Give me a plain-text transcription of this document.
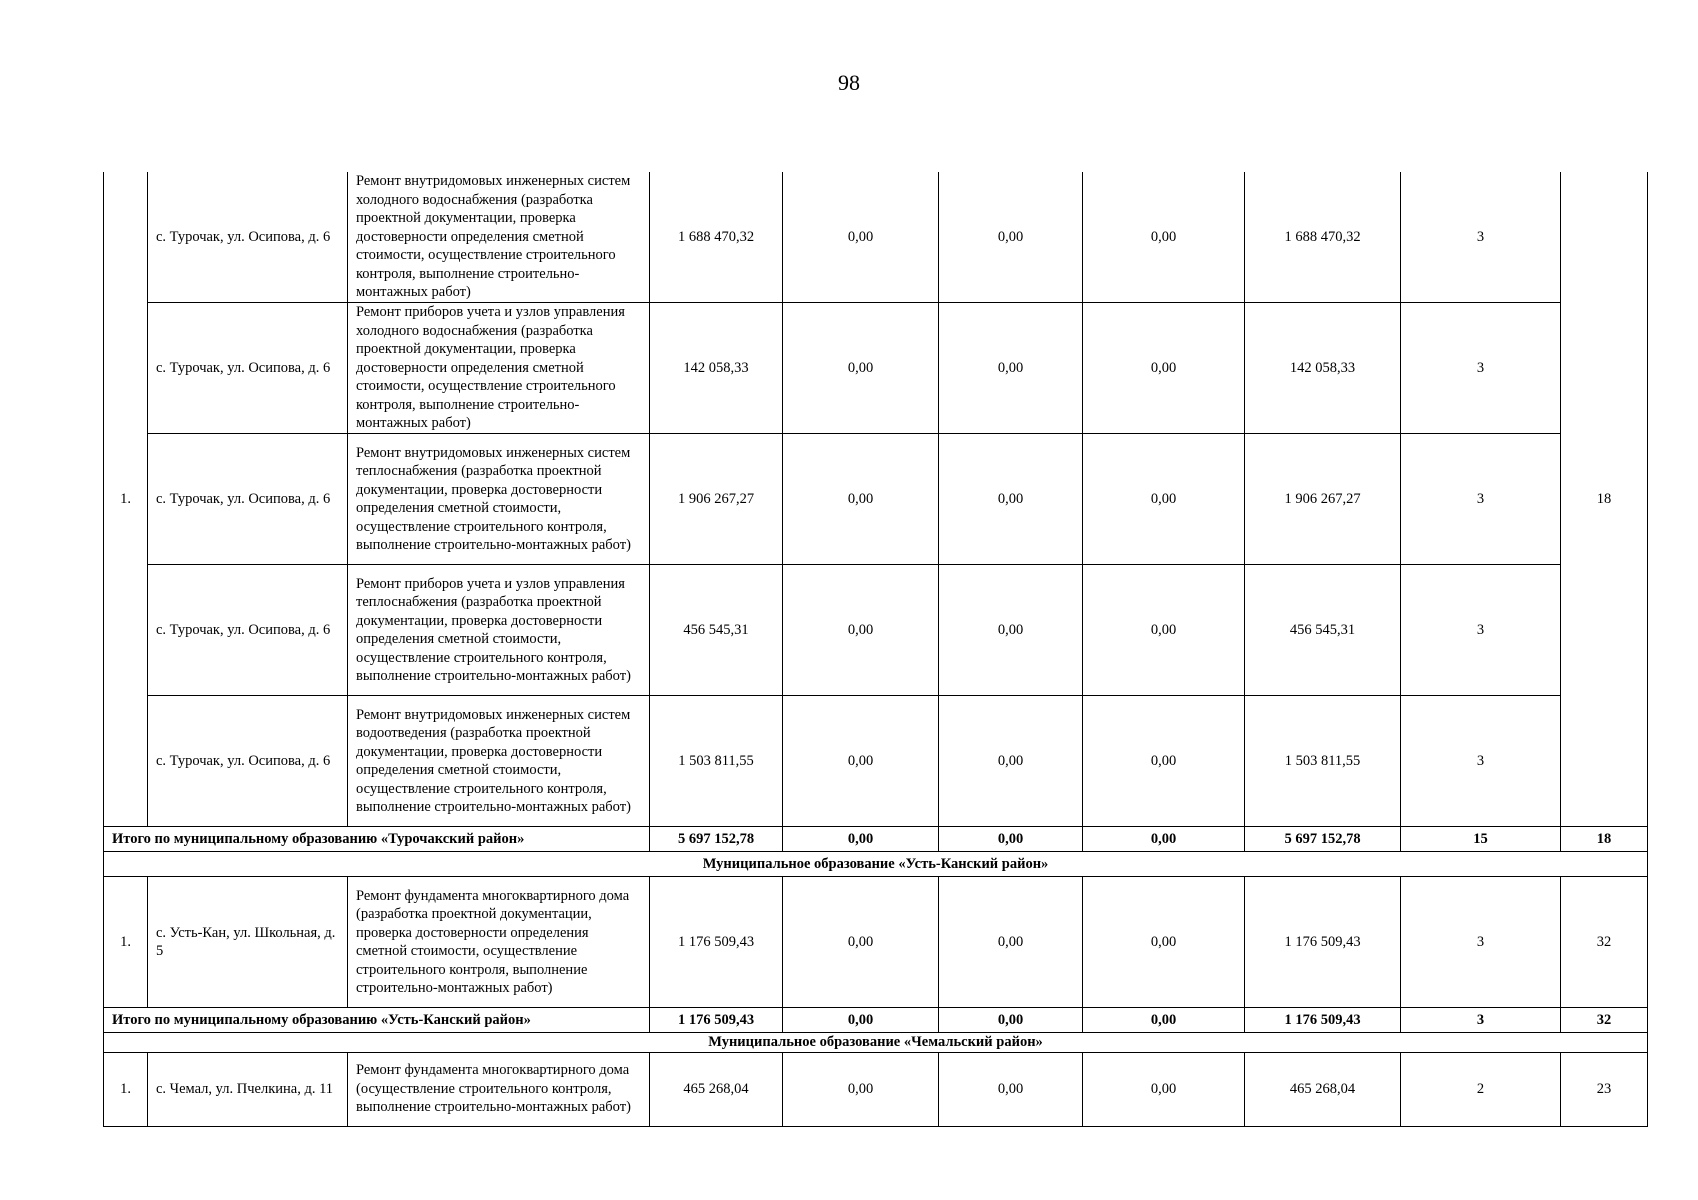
98
1.	с. Турочак, ул. Осипова, д. 6	Ремонт внутридомовых инженерных систем холодного водоснабжения (разработка проектной документации, проверка достоверности определения сметной стоимости, осуществление строительного контроля, выполнение строительно-монтажных работ)	1 688 470,32	0,00	0,00	0,00	1 688 470,32	3	18
	с. Турочак, ул. Осипова, д. 6	Ремонт приборов учета и узлов управления холодного водоснабжения (разработка проектной документации, проверка достоверности определения сметной стоимости, осуществление строительного контроля, выполнение строительно-монтажных работ)	142 058,33	0,00	0,00	0,00	142 058,33	3	
	с. Турочак, ул. Осипова, д. 6	Ремонт внутридомовых инженерных систем теплоснабжения (разработка проектной документации, проверка достоверности определения сметной стоимости, осуществление строительного контроля, выполнение строительно-монтажных работ)	1 906 267,27	0,00	0,00	0,00	1 906 267,27	3	
	с. Турочак, ул. Осипова, д. 6	Ремонт приборов учета и узлов управления теплоснабжения (разработка проектной документации, проверка достоверности определения сметной стоимости, осуществление строительного контроля, выполнение строительно-монтажных работ)	456 545,31	0,00	0,00	0,00	456 545,31	3	
	с. Турочак, ул. Осипова, д. 6	Ремонт внутридомовых инженерных систем водоотведения (разработка проектной документации, проверка достоверности определения сметной стоимости, осуществление строительного контроля, выполнение строительно-монтажных работ)	1 503 811,55	0,00	0,00	0,00	1 503 811,55	3	
Итого по муниципальному образованию «Турочакский район»			5 697 152,78	0,00	0,00	0,00	5 697 152,78	15	18
Муниципальное образование «Усть-Канский район»									
1.	с. Усть-Кан, ул. Школьная, д. 5	Ремонт фундамента многоквартирного дома (разработка проектной документации, проверка достоверности определения сметной стоимости, осуществление строительного контроля, выполнение строительно-монтажных работ)	1 176 509,43	0,00	0,00	0,00	1 176 509,43	3	32
Итого по муниципальному образованию «Усть-Канский район»			1 176 509,43	0,00	0,00	0,00	1 176 509,43	3	32
Муниципальное образование «Чемальский район»									
1.	с. Чемал, ул. Пчелкина, д. 11	Ремонт фундамента многоквартирного дома (осуществление строительного контроля, выполнение строительно-монтажных работ)	465 268,04	0,00	0,00	0,00	465 268,04	2	23
